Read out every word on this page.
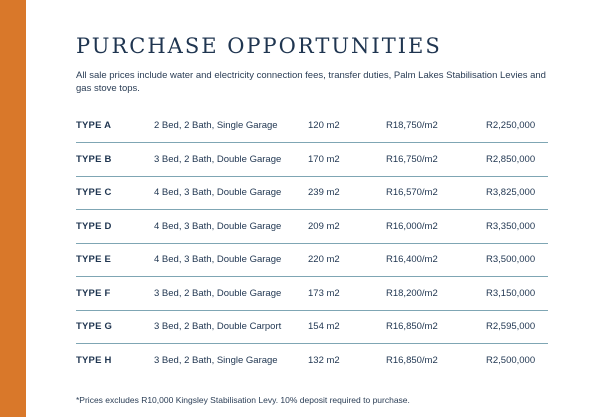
PURCHASE OPPORTUNITIES

All sale prices include water and electricity connection fees, transfer duties, Palm Lakes Stabilisation Levies and gas stove tops.

TYPE A	2 Bed, 2 Bath, Single Garage	120 m2	R18,750/m2	R2,250,000
TYPE B	3 Bed, 2 Bath, Double Garage	170 m2	R16,750/m2	R2,850,000
TYPE C	4 Bed, 3 Bath, Double Garage	239 m2	R16,570/m2	R3,825,000
TYPE D	4 Bed, 3 Bath, Double Garage	209 m2	R16,000/m2	R3,350,000
TYPE E	4 Bed, 3 Bath, Double Garage	220 m2	R16,400/m2	R3,500,000
TYPE F	3 Bed, 2 Bath, Double Garage	173 m2	R18,200/m2	R3,150,000
TYPE G	3 Bed, 2 Bath, Double Carport	154 m2	R16,850/m2	R2,595,000
TYPE H	3 Bed, 2 Bath, Single Garage	132 m2	R16,850/m2	R2,500,000
*Prices excludes R10,000 Kingsley Stabilisation Levy. 10% deposit required to purchase.
